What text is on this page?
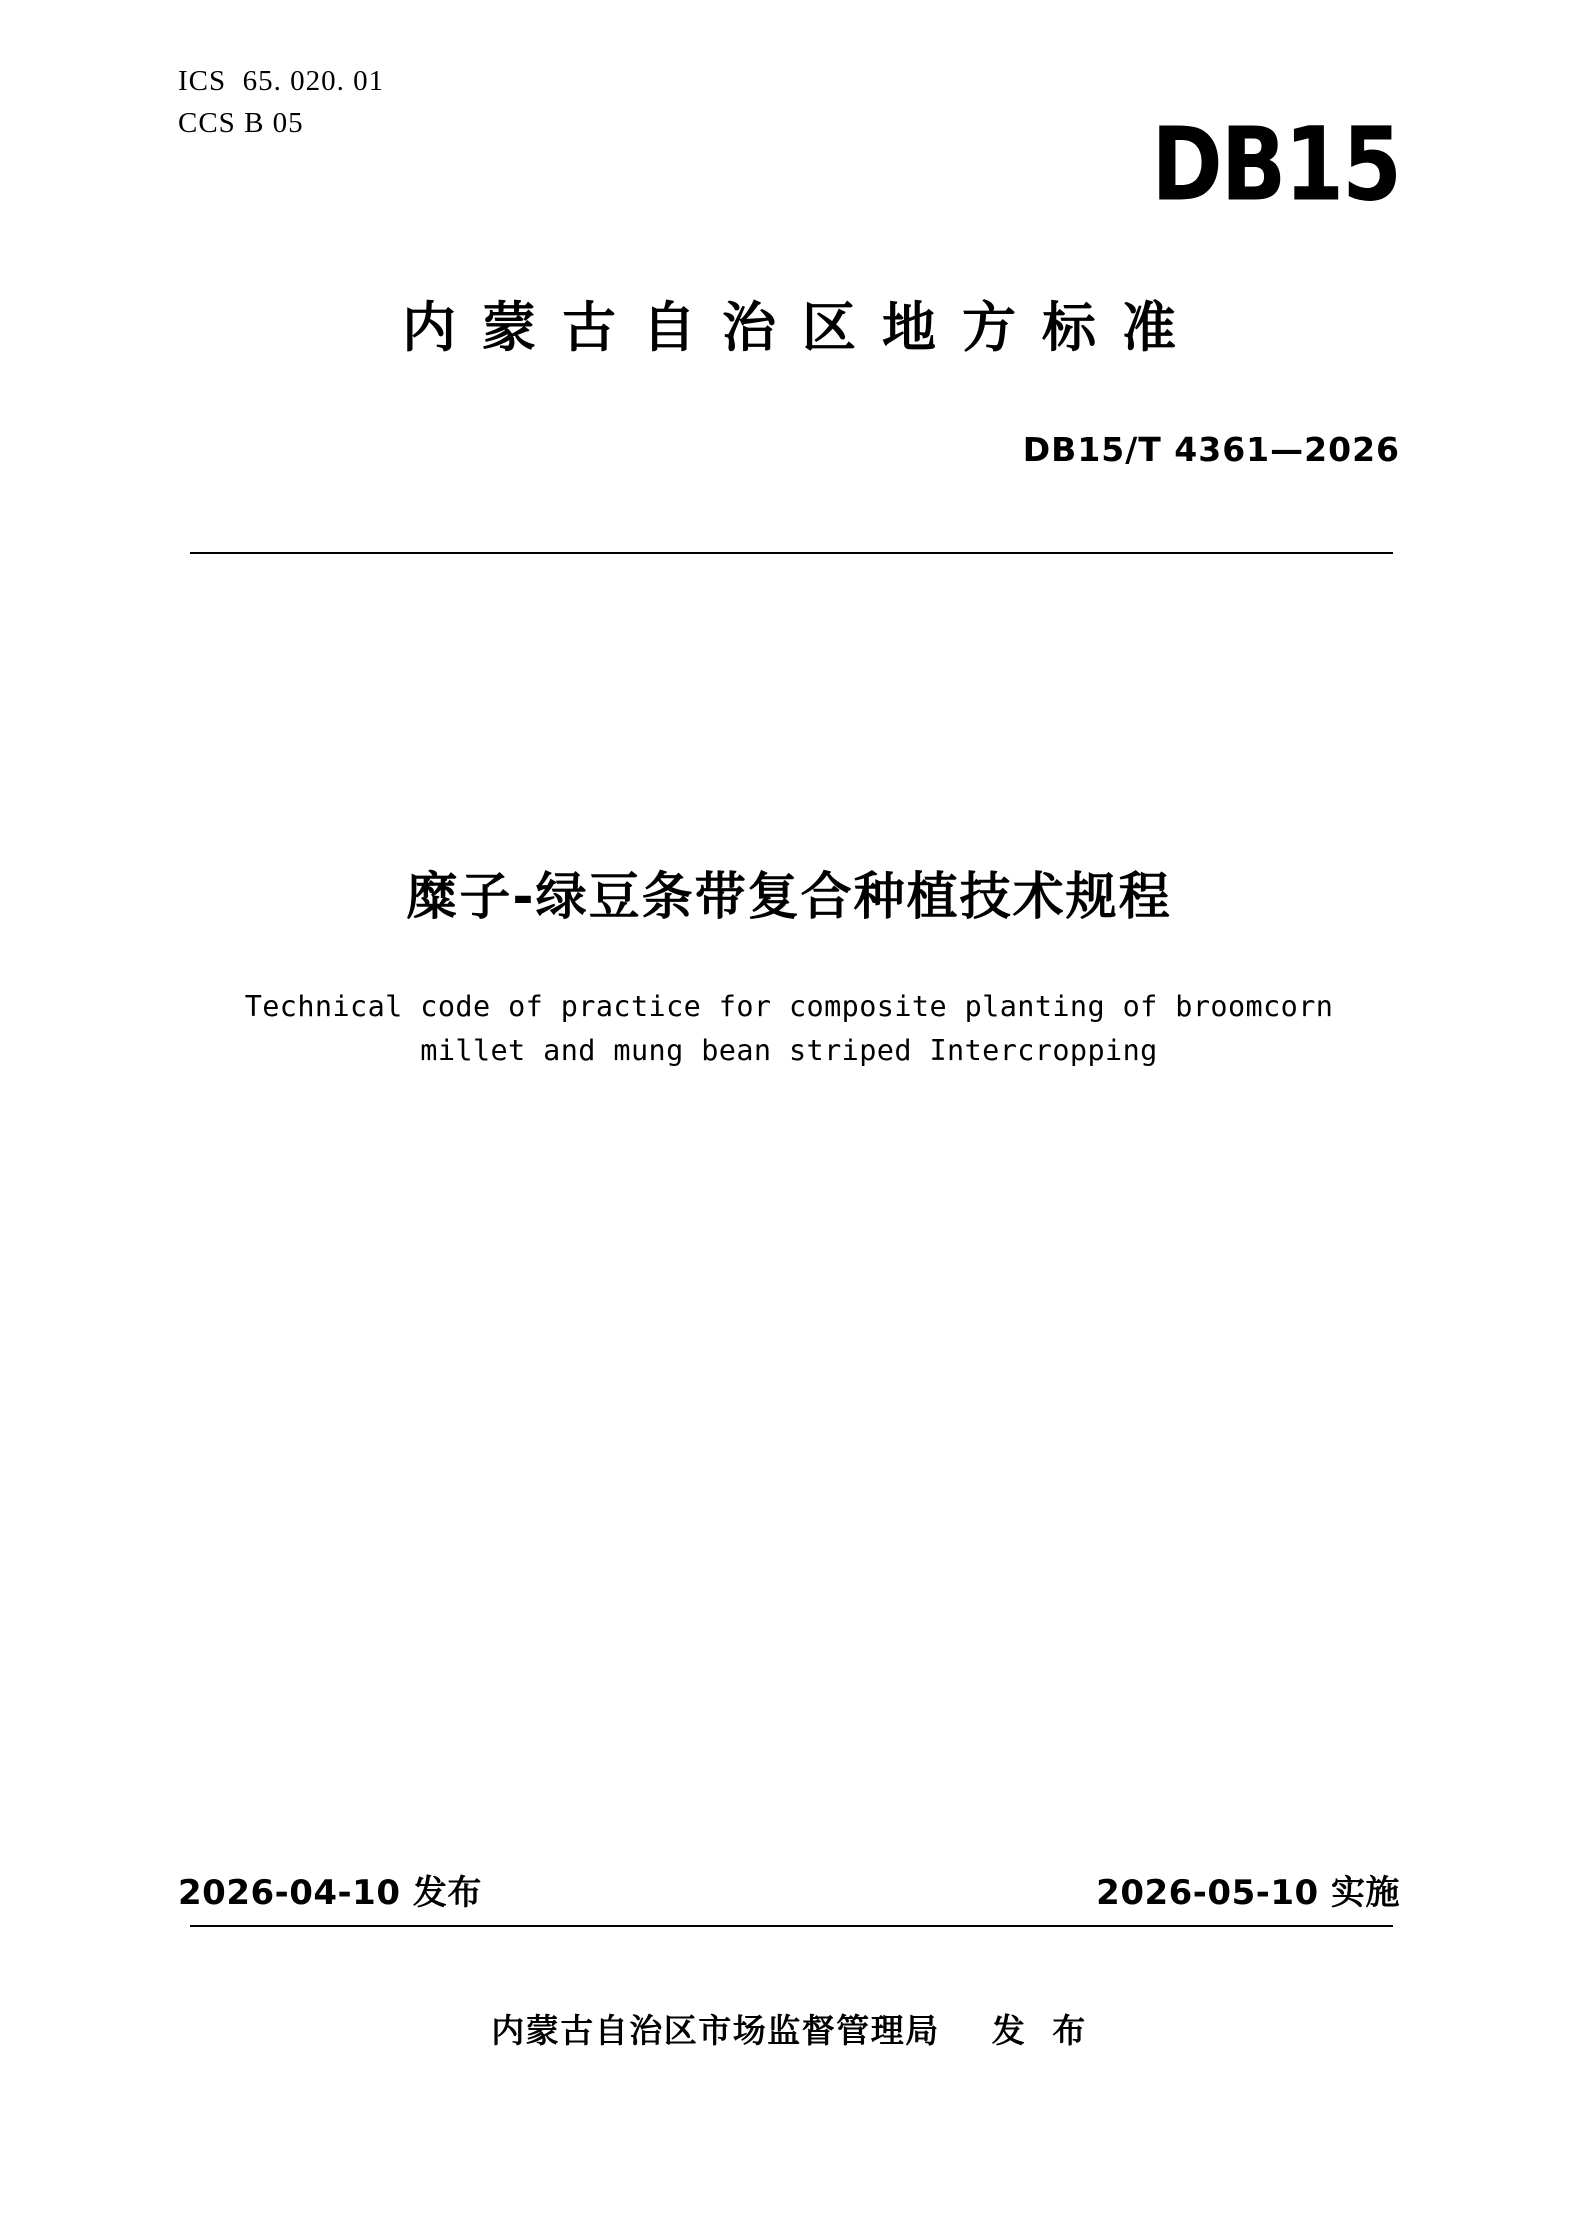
ICS  65. 020. 01
CCS B 05	DB15
内蒙古自治区地方标准
DB15/T 4361—2026
糜子-绿豆条带复合种植技术规程
Technical code of practice for composite planting of broomcorn
millet and mung bean striped Intercropping
2026-04-10 发布	2026-05-10 实施
内蒙古自治区市场监督管理局    发  布
